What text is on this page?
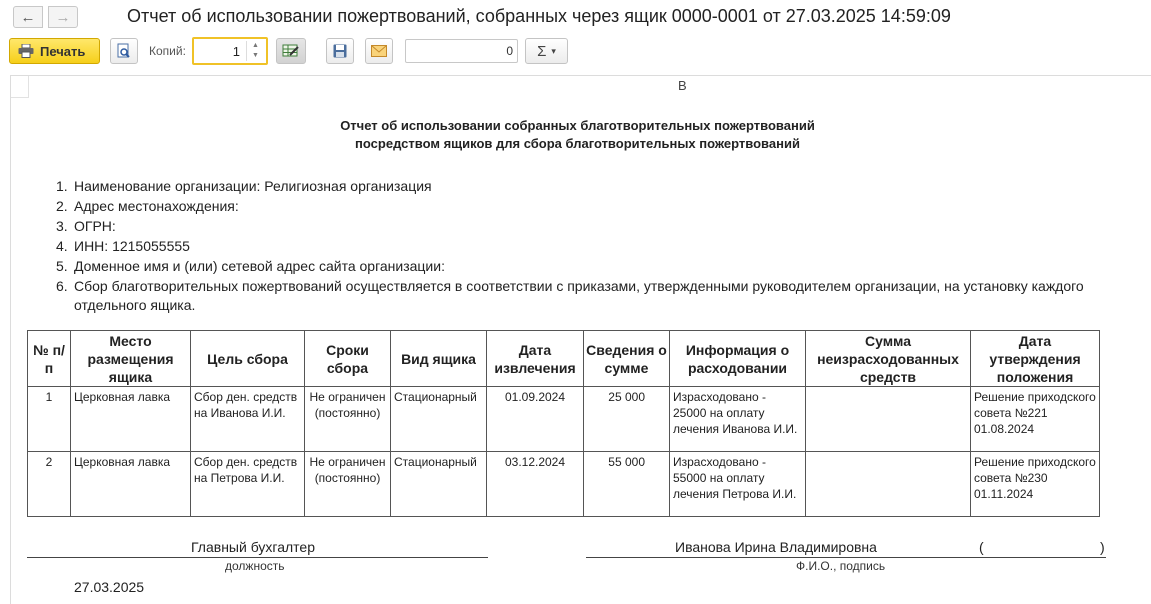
← →	Отчет об использовании пожертвований, собранных через ящик 0000-0001 от 27.03.2025 14:59:09
Печать	Копий:	1	▲
▼	0 Σ ▾
B
Отчет об использовании собранных благотворительных пожертвований
посредством ящиков для сбора благотворительных пожертвований
1. Наименование организации: Религиозная организация
2. Адрес местонахождения:
3. ОГРН:
4. ИНН: 1215055555
5. Доменное имя и (или) сетевой адрес сайта организации:
6. Сбор благотворительных пожертвований осуществляется в соответствии с приказами, утвержденными руководителем организации, на установку каждого отдельного ящика.
№ п/п	Место размещения ящика	Цель сбора	Сроки сбора	Вид ящика	Дата извлечения	Сведения о сумме	Информация о расходовании	Сумма неизрасходованных средств	Дата утверждения положения
1	Церковная лавка	Сбор ден. средств на Иванова И.И.	Не ограничен (постоянно)	Стационарный	01.09.2024	25 000	Израсходовано - 25000 на оплату лечения Иванова И.И.		Решение приходского совета №221 01.08.2024
2	Церковная лавка	Сбор ден. средств на Петрова И.И.	Не ограничен (постоянно)	Стационарный	03.12.2024	55 000	Израсходовано - 55000 на оплату лечения Петрова И.И.		Решение приходского совета №230 01.11.2024
Главный бухгалтер
должность
Иванова Ирина Владимировна	(	)
Ф.И.О., подпись
27.03.2025
